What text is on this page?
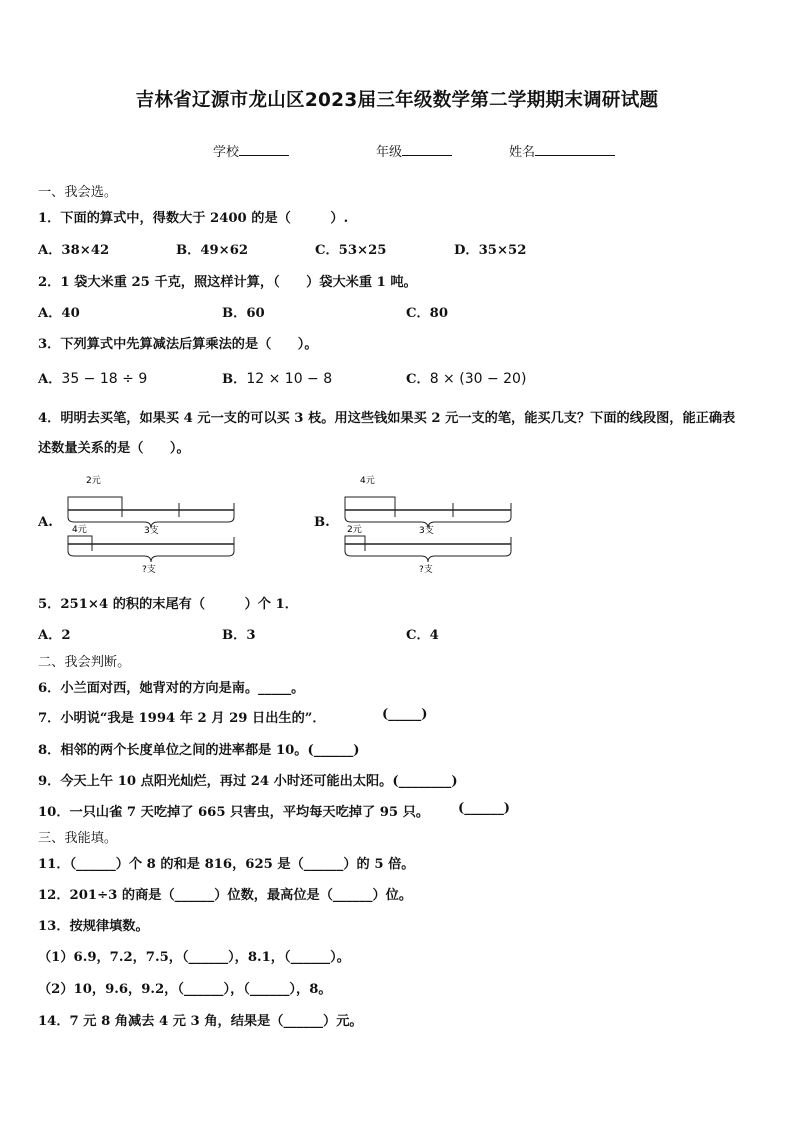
吉林省辽源市龙山区2023届三年级数学第二学期期末调研试题
学校	年级	姓名
一、我会选。
1．下面的算式中，得数大于 2400 的是（　　　）.
A．38×42	B．49×62	C．53×25	D．35×52
2．1 袋大米重 25 千克，照这样计算，（　　）袋大米重 1 吨。
A．40	B．60	C．80
3．下列算式中先算减法后算乘法的是（　　）。
A．35 − 18 ÷ 9	B．12 × 10 − 8	C．8 × (30 − 20)
4．明明去买笔，如果买 4 元一支的可以买 3 枝。用这些钱如果买 2 元一支的笔，能买几支？下面的线段图，能正确表
述数量关系的是（　　）。
A.
2元
3支
4元
?支
B.
4元
3支
2元
?支
5．251×4 的积的末尾有（　　　）个 1．
A．2	B．3	C．4
二、我会判断。
6．小兰面对西，她背对的方向是南。_____。
7．小明说“我是 1994 年 2 月 29 日出生的”．	(_____)
8．相邻的两个长度单位之间的进率都是 10。(______)
9．今天上午 10 点阳光灿烂，再过 24 小时还可能出太阳。(________)
10．一只山雀 7 天吃掉了 665 只害虫，平均每天吃掉了 95 只。 (______)
三、我能填。
11．（______）个 8 的和是 816，625 是（______）的 5 倍。
12．201÷3 的商是（______）位数，最高位是（______）位。
13．按规律填数。
（1）6.9，7.2，7.5，（______），8.1，（______）。
（2）10，9.6，9.2，（______），（______），8。
14．7 元 8 角减去 4 元 3 角，结果是（______）元。
